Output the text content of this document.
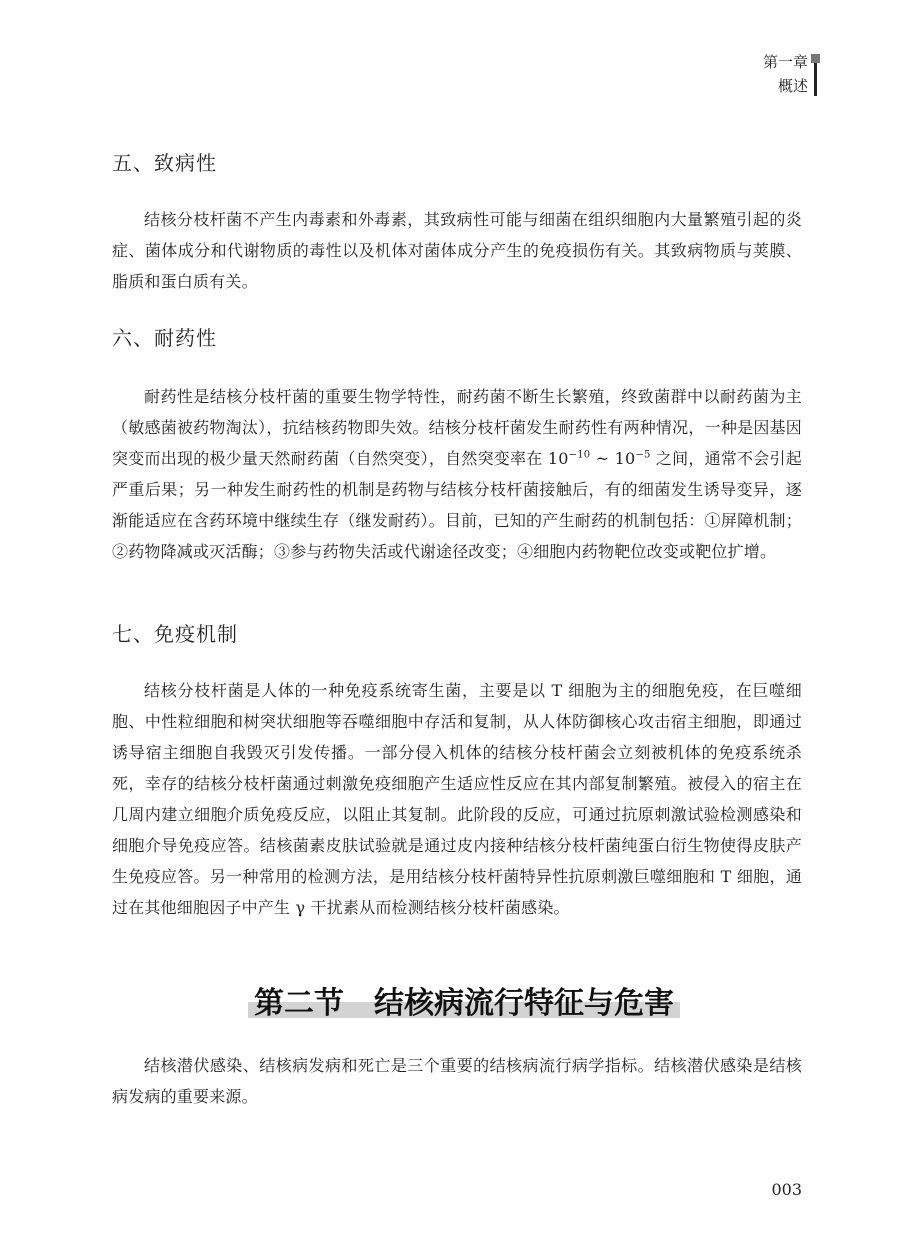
第一章
概述
五、致病性

结核分枝杆菌不产生内毒素和外毒素，其致病性可能与细菌在组织细胞内大量繁殖引起的炎症、菌体成分和代谢物质的毒性以及机体对菌体成分产生的免疫损伤有关。其致病物质与荚膜、脂质和蛋白质有关。

六、耐药性

耐药性是结核分枝杆菌的重要生物学特性，耐药菌不断生长繁殖，终致菌群中以耐药菌为主（敏感菌被药物淘汰），抗结核药物即失效。结核分枝杆菌发生耐药性有两种情况，一种是因基因突变而出现的极少量天然耐药菌（自然突变），自然突变率在 $10^{-10}$ ~ $10^{-5}$ 之间，通常不会引起严重后果；另一种发生耐药性的机制是药物与结核分枝杆菌接触后，有的细菌发生诱导变异，逐渐能适应在含药环境中继续生存（继发耐药）。目前，已知的产生耐药的机制包括：①屏障机制；②药物降减或灭活酶；③参与药物失活或代谢途径改变；④细胞内药物靶位改变或靶位扩增。

七、免疫机制

结核分枝杆菌是人体的一种免疫系统寄生菌，主要是以 T 细胞为主的细胞免疫，在巨噬细胞、中性粒细胞和树突状细胞等吞噬细胞中存活和复制，从人体防御核心攻击宿主细胞，即通过诱导宿主细胞自我毁灭引发传播。一部分侵入机体的结核分枝杆菌会立刻被机体的免疫系统杀死，幸存的结核分枝杆菌通过刺激免疫细胞产生适应性反应在其内部复制繁殖。被侵入的宿主在几周内建立细胞介质免疫反应，以阻止其复制。此阶段的反应，可通过抗原刺激试验检测感染和细胞介导免疫应答。结核菌素皮肤试验就是通过皮内接种结核分枝杆菌纯蛋白衍生物使得皮肤产生免疫应答。另一种常用的检测方法，是用结核分枝杆菌特异性抗原刺激巨噬细胞和 T 细胞，通过在其他细胞因子中产生 γ 干扰素从而检测结核分枝杆菌感染。

第二节　结核病流行特征与危害

结核潜伏感染、结核病发病和死亡是三个重要的结核病流行病学指标。结核潜伏感染是结核病发病的重要来源。

003
